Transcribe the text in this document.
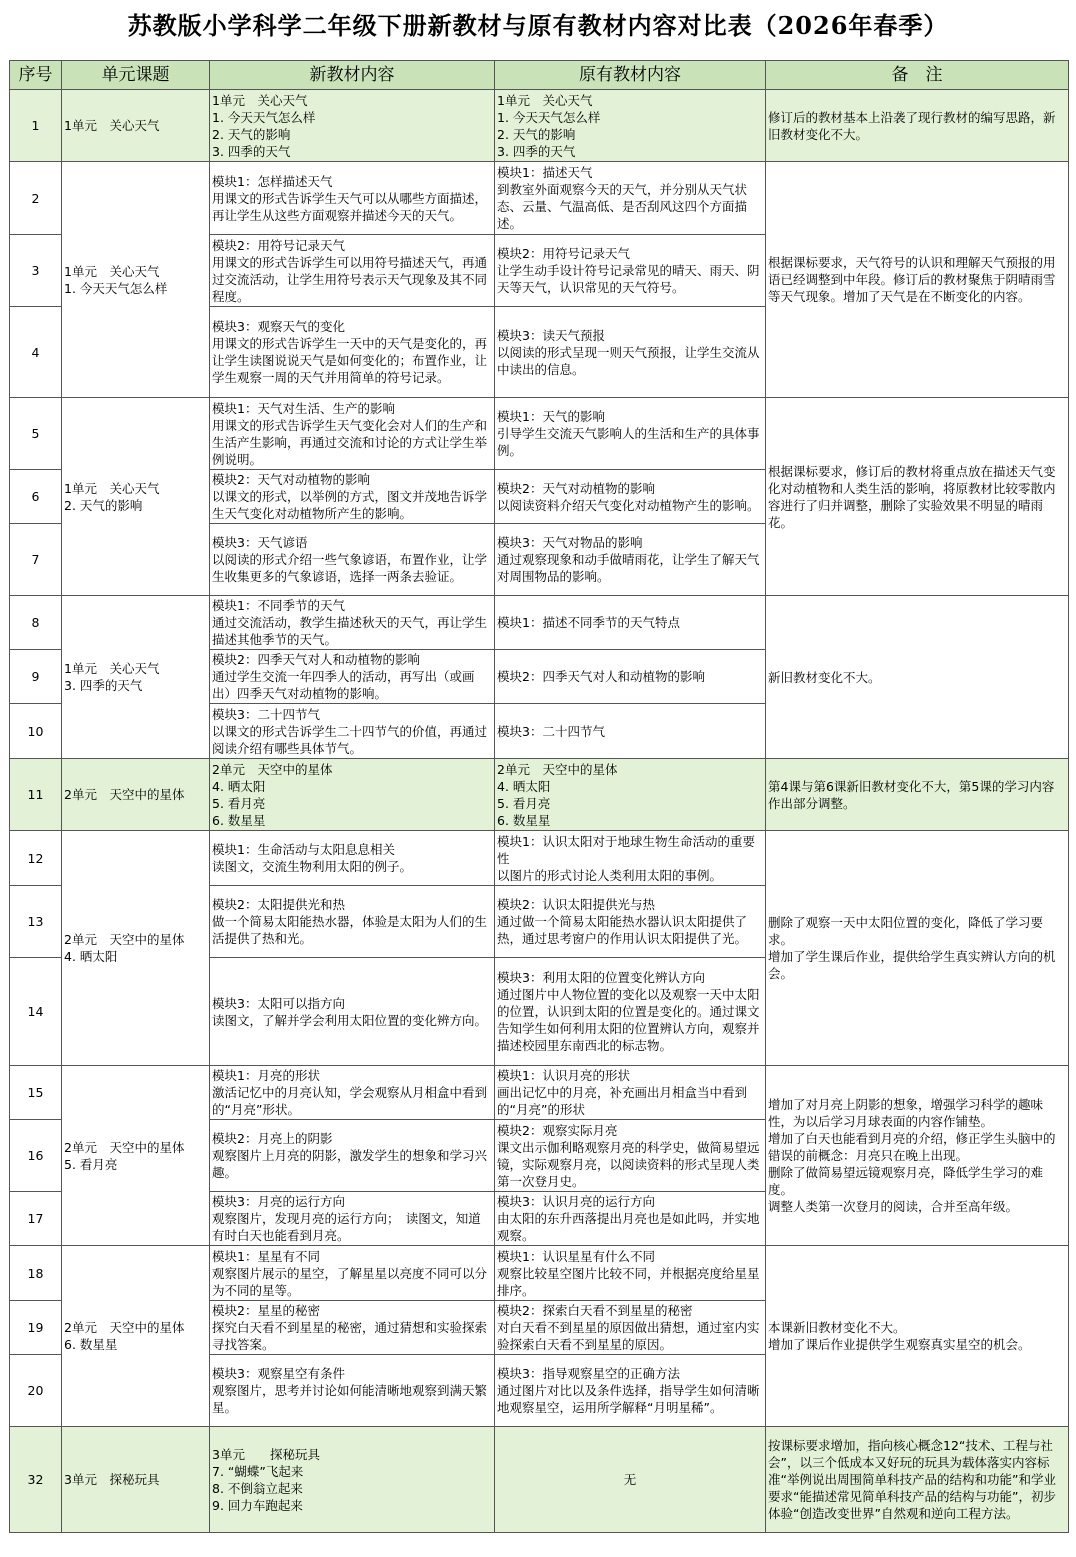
苏教版小学科学二年级下册新教材与原有教材内容对比表（2026年春季）
序号	单元课题	新教材内容	原有教材内容	备　注
1	1单元　关心天气	1单元　关心天气
1. 今天天气怎么样
2. 天气的影响
3. 四季的天气	1单元　关心天气
1. 今天天气怎么样
2. 天气的影响
3. 四季的天气	修订后的教材基本上沿袭了现行教材的编写思路，新旧教材变化不大。
2	1单元　关心天气
1. 今天天气怎么样	模块1：怎样描述天气
用课文的形式告诉学生天气可以从哪些方面描述，再让学生从这些方面观察并描述今天的天气。	模块1：描述天气
到教室外面观察今天的天气，并分别从天气状态、云量、气温高低、是否刮风这四个方面描述。	根据课标要求，天气符号的认识和理解天气预报的用语已经调整到中年段。修订后的教材聚焦于阴晴雨雪等天气现象。增加了天气是在不断变化的内容。
3		模块2：用符号记录天气
用课文的形式告诉学生可以用符号描述天气，再通过交流活动，让学生用符号表示天气现象及其不同程度。	模块2：用符号记录天气
让学生动手设计符号记录常见的晴天、雨天、阴天等天气，认识常见的天气符号。	
4		模块3：观察天气的变化
用课文的形式告诉学生一天中的天气是变化的，再让学生读图说说天气是如何变化的；布置作业，让学生观察一周的天气并用简单的符号记录。	模块3：读天气预报
以阅读的形式呈现一则天气预报，让学生交流从中读出的信息。	
5	1单元　关心天气
2. 天气的影响	模块1：天气对生活、生产的影响
用课文的形式告诉学生天气变化会对人们的生产和生活产生影响，再通过交流和讨论的方式让学生举例说明。	模块1：天气的影响
引导学生交流天气影响人的生活和生产的具体事例。	根据课标要求，修订后的教材将重点放在描述天气变化对动植物和人类生活的影响，将原教材比较零散内容进行了归并调整，删除了实验效果不明显的晴雨花。
6		模块2：天气对动植物的影响
以课文的形式，以举例的方式，图文并茂地告诉学生天气变化对动植物所产生的影响。	模块2：天气对动植物的影响
以阅读资料介绍天气变化对动植物产生的影响。	
7		模块3：天气谚语
以阅读的形式介绍一些气象谚语，布置作业，让学生收集更多的气象谚语，选择一两条去验证。	模块3：天气对物品的影响
通过观察现象和动手做晴雨花，让学生了解天气对周围物品的影响。	
8	1单元　关心天气
3. 四季的天气	模块1：不同季节的天气
通过交流活动，教学生描述秋天的天气，再让学生描述其他季节的天气。	模块1：描述不同季节的天气特点	新旧教材变化不大。
9		模块2：四季天气对人和动植物的影响
通过学生交流一年四季人的活动，再写出（或画出）四季天气对动植物的影响。	模块2：四季天气对人和动植物的影响	
10		模块3：二十四节气
以课文的形式告诉学生二十四节气的价值，再通过阅读介绍有哪些具体节气。	模块3：二十四节气	
11	2单元　天空中的星体	2单元　天空中的星体
4. 晒太阳
5. 看月亮
6. 数星星	2单元　天空中的星体
4. 晒太阳
5. 看月亮
6. 数星星	第4课与第6课新旧教材变化不大，第5课的学习内容作出部分调整。
12	2单元　天空中的星体
4. 晒太阳	模块1：生命活动与太阳息息相关
读图文，交流生物利用太阳的例子。	模块1：认识太阳对于地球生物生命活动的重要性
以图片的形式讨论人类利用太阳的事例。	删除了观察一天中太阳位置的变化，降低了学习要求。
增加了学生课后作业，提供给学生真实辨认方向的机会。
13		模块2：太阳提供光和热
做一个简易太阳能热水器，体验是太阳为人们的生活提供了热和光。	模块2：认识太阳提供光与热
通过做一个简易太阳能热水器认识太阳提供了热，通过思考窗户的作用认识太阳提供了光。	
14		模块3：太阳可以指方向
读图文，了解并学会利用太阳位置的变化辨方向。	模块3：利用太阳的位置变化辨认方向
通过图片中人物位置的变化以及观察一天中太阳的位置，认识到太阳的位置是变化的。通过课文告知学生如何利用太阳的位置辨认方向，观察并描述校园里东南西北的标志物。	
15	2单元　天空中的星体
5. 看月亮	模块1：月亮的形状
激活记忆中的月亮认知，学会观察从月相盒中看到的“月亮”形状。	模块1：认识月亮的形状
画出记忆中的月亮，补充画出月相盒当中看到的“月亮”的形状	增加了对月亮上阴影的想象，增强学习科学的趣味性，为以后学习月球表面的内容作铺垫。
增加了白天也能看到月亮的介绍，修正学生头脑中的错误的前概念：月亮只在晚上出现。
删除了做简易望远镜观察月亮，降低学生学习的难度。
调整人类第一次登月的阅读，合并至高年级。
16		模块2：月亮上的阴影
观察图片上月亮的阴影，激发学生的想象和学习兴趣。	模块2：观察实际月亮
课文出示伽利略观察月亮的科学史，做简易望远镜，实际观察月亮，以阅读资料的形式呈现人类第一次登月史。	
17		模块3：月亮的运行方向
观察图片，发现月亮的运行方向；　读图文，知道有时白天也能看到月亮。	模块3：认识月亮的运行方向
由太阳的东升西落提出月亮也是如此吗，并实地观察。	
18	2单元　天空中的星体
6. 数星星	模块1：星星有不同
观察图片展示的星空，了解星星以亮度不同可以分为不同的星等。	模块1：认识星星有什么不同
观察比较星空图片比较不同，并根据亮度给星星排序。	本课新旧教材变化不大。
增加了课后作业提供学生观察真实星空的机会。
19		模块2：星星的秘密
探究白天看不到星星的秘密，通过猜想和实验探索寻找答案。	模块2：探索白天看不到星星的秘密
对白天看不到星星的原因做出猜想，通过室内实验探索白天看不到星星的原因。	
20		模块3：观察星空有条件
观察图片，思考并讨论如何能清晰地观察到满天繁星。	模块3：指导观察星空的正确方法
通过图片对比以及条件选择，指导学生如何清晰地观察星空，运用所学解释“月明星稀”。	
32	3单元　探秘玩具	3单元　　探秘玩具
7. “蝴蝶”飞起来
8. 不倒翁立起来
9. 回力车跑起来	无	按课标要求增加，指向核心概念12“技术、工程与社会”，以三个低成本又好玩的玩具为载体落实内容标准“举例说出周围简单科技产品的结构和功能”和学业要求“能描述常见简单科技产品的结构与功能”，初步体验“创造改变世界”自然观和逆向工程方法。
